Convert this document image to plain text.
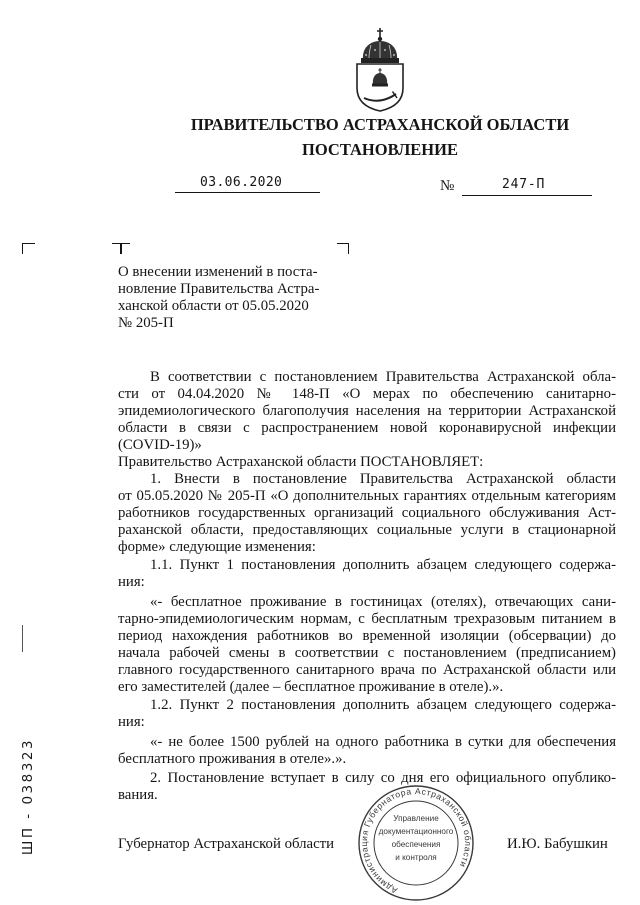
ПРАВИТЕЛЬСТВО АСТРАХАНСКОЙ ОБЛАСТИ
ПОСТАНОВЛЕНИЕ
03.06.2020	№	247-П
О внесении изменений в поста-
новление Правительства Астра-
ханской области от 05.05.2020
№ 205-П
В соответствии с постановлением Правительства Астраханской обла-
сти от 04.04.2020 № 148-П «О мерах по обеспечению санитарно-
эпидемиологического благополучия населения на территории Астраханской
области в связи с распространением новой коронавирусной инфекции
(COVID-19)»
Правительство Астраханской области ПОСТАНОВЛЯЕТ:
1. Внести в постановление Правительства Астраханской области
от 05.05.2020 № 205-П «О дополнительных гарантиях отдельным категориям
работников государственных организаций социального обслуживания Аст-
раханской области, предоставляющих социальные услуги в стационарной
форме» следующие изменения:
1.1. Пункт 1 постановления дополнить абзацем следующего содержа-
ния:
«- бесплатное проживание в гостиницах (отелях), отвечающих сани-
тарно-эпидемиологическим нормам, с бесплатным трехразовым питанием в
период нахождения работников во временной изоляции (обсервации) до
начала рабочей смены в соответствии с постановлением (предписанием)
главного государственного санитарного врача по Астраханской области или
его заместителей (далее – бесплатное проживание в отеле).».
1.2. Пункт 2 постановления дополнить абзацем следующего содержа-
ния:
«- не более 1500 рублей на одного работника в сутки для обеспечения
бесплатного проживания в отеле».».
2. Постановление вступает в силу со дня его официального опублико-
вания.
Губернатор Астраханской области	И.Ю. Бабушкин
Администрация Губернатора Астраханской области
Управление
документационного
обеспечения
и контроля
ШП - 038323
